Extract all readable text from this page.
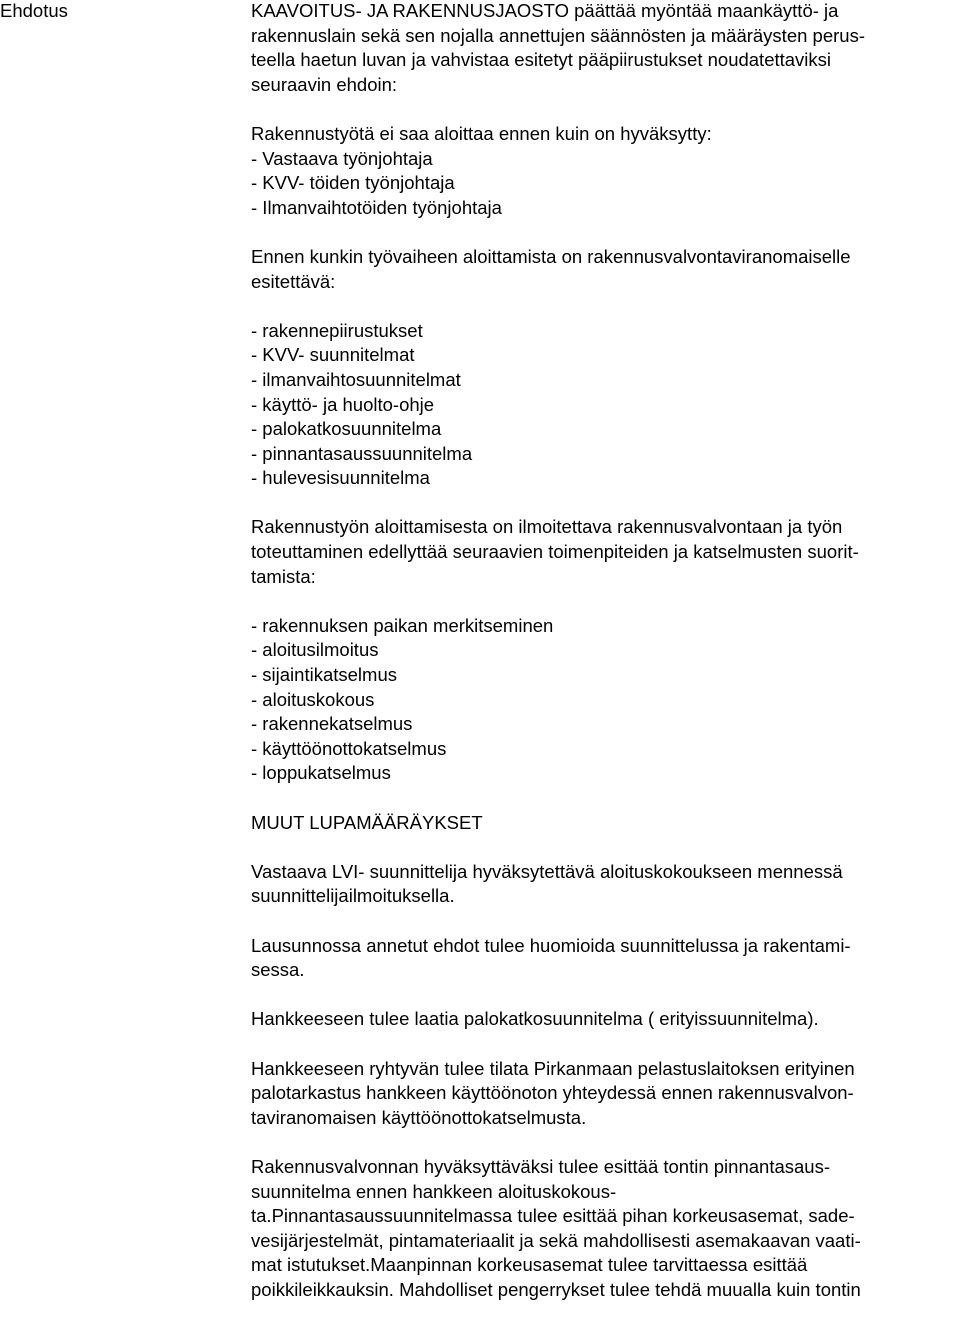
Ehdotus	KAAVOITUS- JA RAKENNUSJAOSTO päättää myöntää maankäyttö- ja
rakennuslain sekä sen nojalla annettujen säännösten ja määräysten perus-
teella haetun luvan ja vahvistaa esitetyt pääpiirustukset noudatettaviksi
seuraavin ehdoin:
Rakennustyötä ei saa aloittaa ennen kuin on hyväksytty:
- Vastaava työnjohtaja
- KVV- töiden työnjohtaja
- Ilmanvaihtotöiden työnjohtaja
Ennen kunkin työvaiheen aloittamista on rakennusvalvontaviranomaiselle
esitettävä:
- rakennepiirustukset
- KVV- suunnitelmat
- ilmanvaihtosuunnitelmat
- käyttö- ja huolto-ohje
- palokatkosuunnitelma
- pinnantasaussuunnitelma
- hulevesisuunnitelma
Rakennustyön aloittamisesta on ilmoitettava rakennusvalvontaan ja työn
toteuttaminen edellyttää seuraavien toimenpiteiden ja katselmusten suorit-
tamista:
- rakennuksen paikan merkitseminen
- aloitusilmoitus
- sijaintikatselmus
- aloituskokous
- rakennekatselmus
- käyttöönottokatselmus
- loppukatselmus
MUUT LUPAMÄÄRÄYKSET
Vastaava LVI- suunnittelija hyväksytettävä aloituskokoukseen mennessä
suunnittelijailmoituksella.
Lausunnossa annetut ehdot tulee huomioida suunnittelussa ja rakentami-
sessa.
Hankkeeseen tulee laatia palokatkosuunnitelma ( erityissuunnitelma).
Hankkeeseen ryhtyvän tulee tilata Pirkanmaan pelastuslaitoksen erityinen
palotarkastus hankkeen käyttöönoton yhteydessä ennen rakennusvalvon-
taviranomaisen käyttöönottokatselmusta.
Rakennusvalvonnan hyväksyttäväksi tulee esittää tontin pinnantasaus-
suunnitelma ennen hankkeen aloituskokous-
ta.Pinnantasaussuunnitelmassa tulee esittää pihan korkeusasemat, sade-
vesijärjestelmät, pintamateriaalit ja sekä mahdollisesti asemakaavan vaati-
mat istutukset.Maanpinnan korkeusasemat tulee tarvittaessa esittää
poikkileikkauksin. Mahdolliset pengerrykset tulee tehdä muualla kuin tontin
